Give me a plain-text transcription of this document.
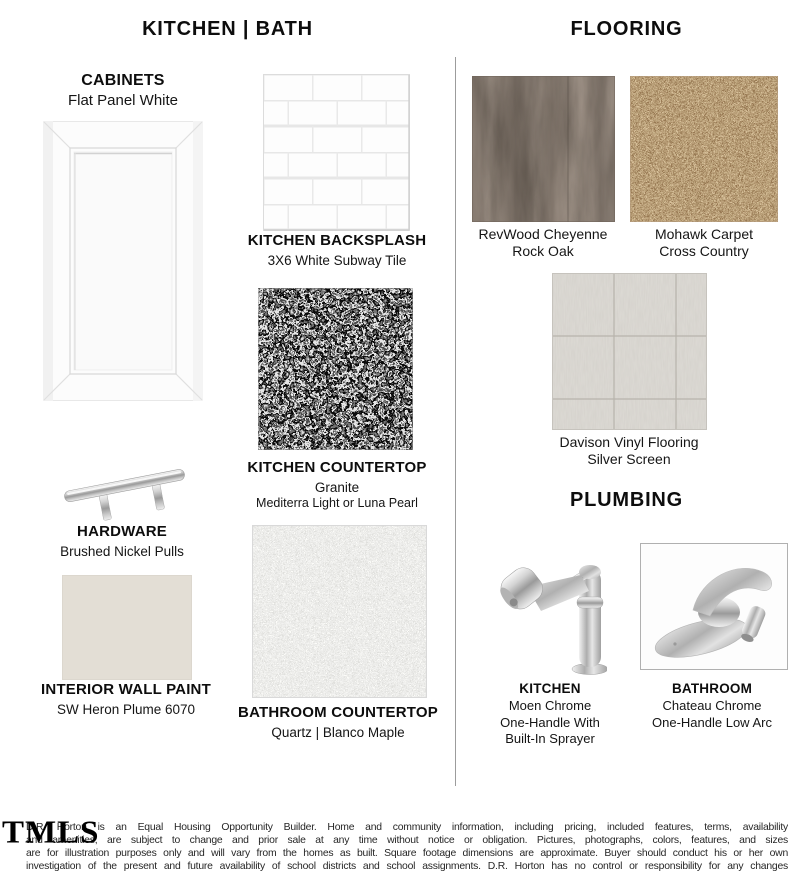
KITCHEN | BATH	FLOORING
PLUMBING
CABINETS
Flat Panel White
KITCHEN BACKSPLASH
3X6 White Subway Tile
KITCHEN COUNTERTOP
Granite
Mediterra Light or Luna Pearl
HARDWARE
Brushed Nickel Pulls
INTERIOR WALL PAINT
SW Heron Plume 6070	BATHROOM COUNTERTOP
Quartz | Blanco Maple
RevWood Cheyenne
Rock Oak
Mohawk Carpet
Cross Country
Davison Vinyl Flooring
Silver Screen
KITCHEN
Moen Chrome
One-Handle With
Built-In Sprayer
BATHROOM
Chateau Chrome
One-Handle Low Arc
D.R. Horton is an Equal Housing Opportunity Builder. Home and community information, including pricing, included features, terms, availability
and amenities, are subject to change and prior sale at any time without notice or obligation. Pictures, photographs, colors, features, and sizes
are for illustration purposes only and will vary from the homes as built. Square footage dimensions are approximate. Buyer should conduct his or her own
investigation of the present and future availability of school districts and school assignments. D.R. Horton has no control or responsibility for any changes
TMLS
